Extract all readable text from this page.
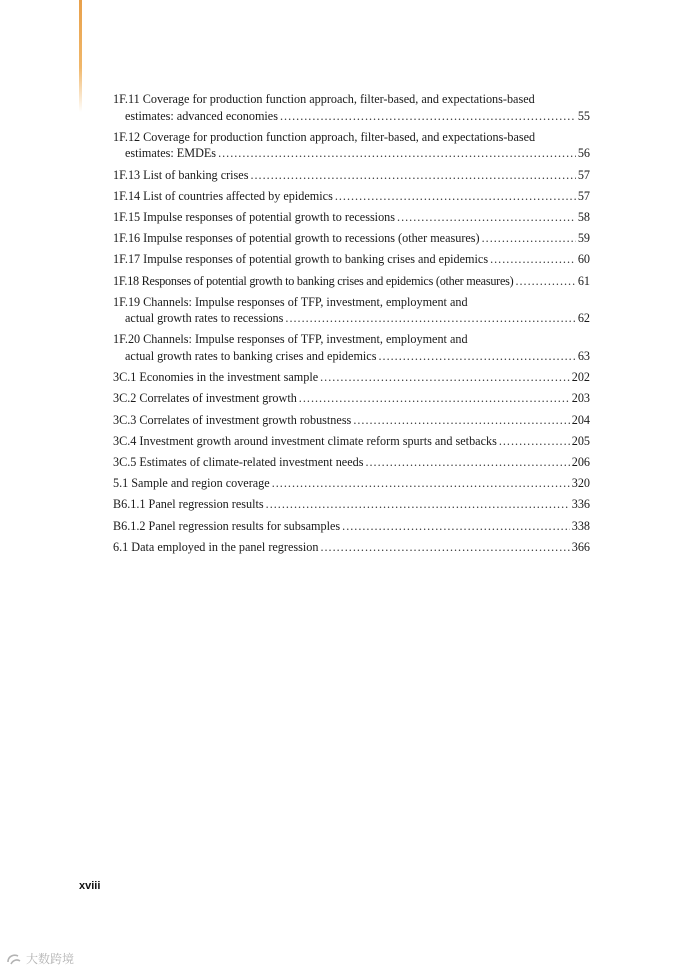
1F.11 Coverage for production function approach, filter-based, and expectations-based
estimates: advanced economies .....	55
1F.12 Coverage for production function approach, filter-based, and expectations-based
estimates: EMDEs .....	56
1F.13 List of banking crises .....	57
1F.14 List of countries affected by epidemics .....	57
1F.15 Impulse responses of potential growth to recessions .....	58
1F.16 Impulse responses of potential growth to recessions (other measures) .....	59
1F.17 Impulse responses of potential growth to banking crises and epidemics .....	60
1F.18 Responses of potential growth to banking crises and epidemics (other measures) .....	61
1F.19 Channels: Impulse responses of TFP, investment, employment and
actual growth rates to recessions .....	62
1F.20 Channels: Impulse responses of TFP, investment, employment and
actual growth rates to banking crises and epidemics .....	63
3C.1 Economies in the investment sample .....	202
3C.2 Correlates of investment growth .....	203
3C.3 Correlates of investment growth robustness .....	204
3C.4 Investment growth around investment climate reform spurts and setbacks .....	205
3C.5 Estimates of climate-related investment needs .....	206
5.1 Sample and region coverage .....	320
B6.1.1 Panel regression results .....	336
B6.1.2 Panel regression results for subsamples .....	338
6.1 Data employed in the panel regression .....	366
xviii
大数跨境
